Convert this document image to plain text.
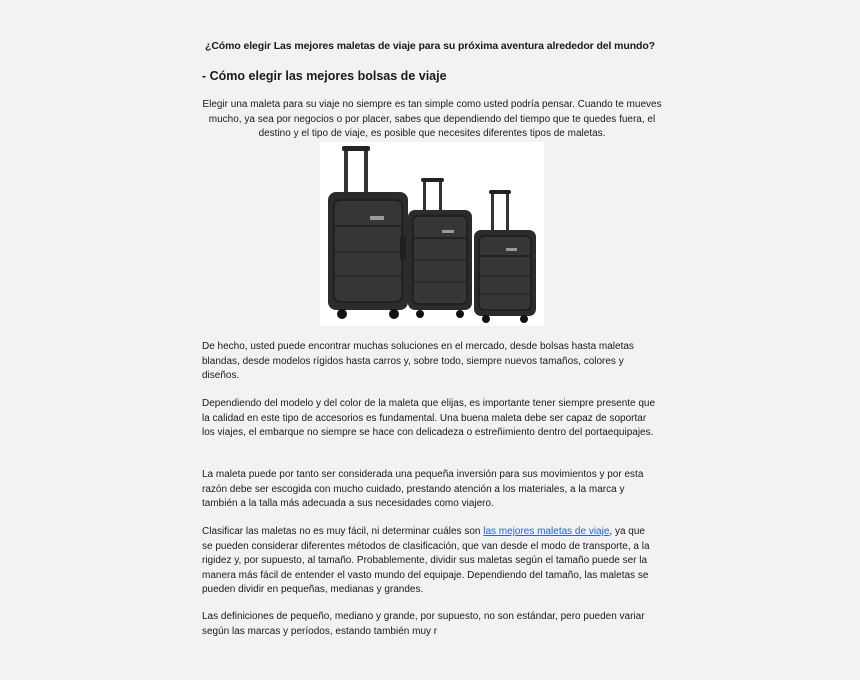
¿Cómo elegir Las mejores maletas de viaje para su próxima aventura alrededor del mundo?
- Cómo elegir las mejores bolsas de viaje
Elegir una maleta para su viaje no siempre es tan simple como usted podría pensar. Cuando te mueves mucho, ya sea por negocios o por placer, sabes que dependiendo del tiempo que te quedes fuera, el destino y el tipo de viaje, es posible que necesites diferentes tipos de maletas.
De hecho, usted puede encontrar muchas soluciones en el mercado, desde bolsas hasta maletas blandas, desde modelos rígidos hasta carros y, sobre todo, siempre nuevos tamaños, colores y diseños.
Dependiendo del modelo y del color de la maleta que elijas, es importante tener siempre presente que la calidad en este tipo de accesorios es fundamental. Una buena maleta debe ser capaz de soportar los viajes, el embarque no siempre se hace con delicadeza o estreñimiento dentro del portaequipajes.
La maleta puede por tanto ser considerada una pequeña inversión para sus movimientos y por esta razón debe ser escogida con mucho cuidado, prestando atención a los materiales, a la marca y también a la talla más adecuada a sus necesidades como viajero.
Clasificar las maletas no es muy fácil, ni determinar cuáles son las mejores maletas de viaje, ya que se pueden considerar diferentes métodos de clasificación, que van desde el modo de transporte, a la rigidez y, por supuesto, al tamaño. Probablemente, dividir sus maletas según el tamaño puede ser la manera más fácil de entender el vasto mundo del equipaje. Dependiendo del tamaño, las maletas se pueden dividir en pequeñas, medianas y grandes.
Las definiciones de pequeño, mediano y grande, por supuesto, no son estándar, pero pueden variar según las marcas y períodos, estando también muy r
